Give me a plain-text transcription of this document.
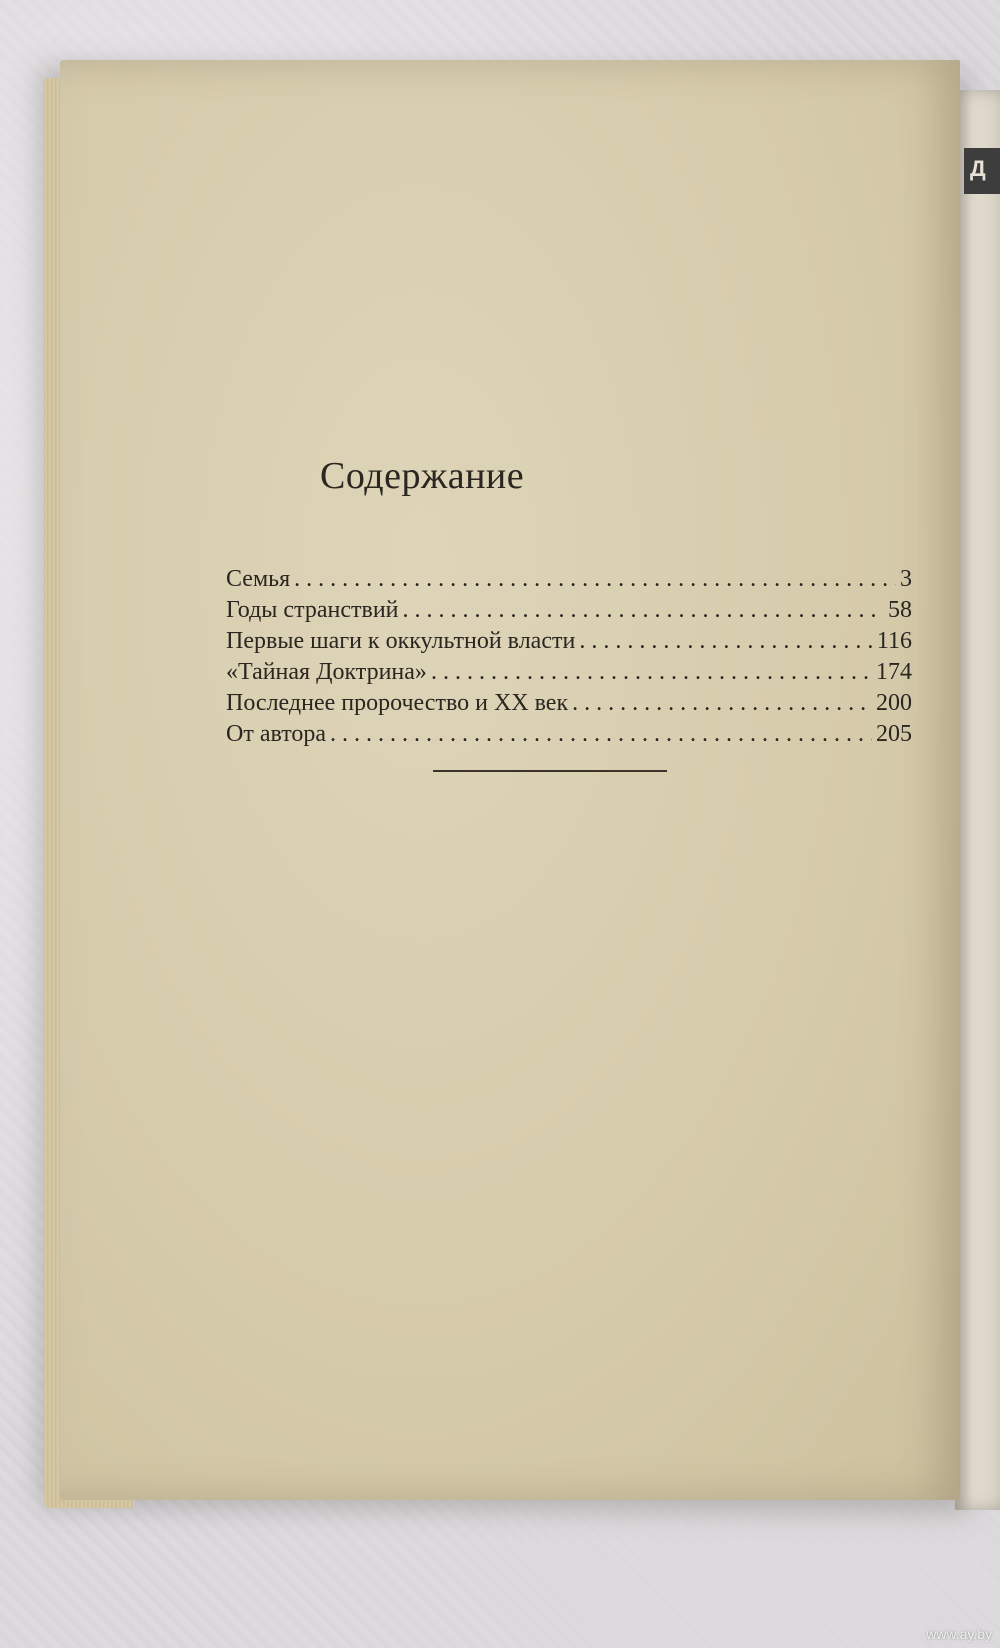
Д
Содержание
Семья . . .	3
Годы странствий . . .	58
Первые шаги к оккультной власти . . .	116
«Тайная Доктрина» . . .	174
Последнее пророчество и XX век . . .	200
От автора . . .	205
www.ay.by
